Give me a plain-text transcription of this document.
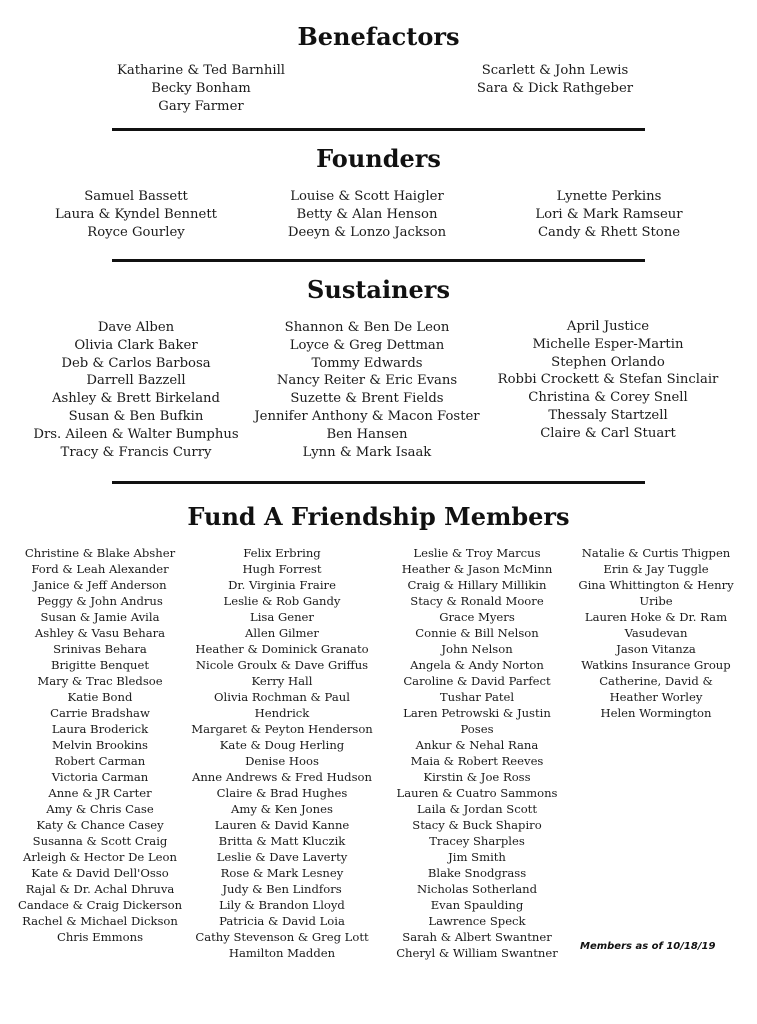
Benefactors
Katharine & Ted Barnhill
Becky Bonham
Gary Farmer
Scarlett & John Lewis
Sara & Dick Rathgeber
Founders
Samuel Bassett
Laura & Kyndel Bennett
Royce Gourley
Louise & Scott Haigler
Betty & Alan Henson
Deeyn & Lonzo Jackson
Lynette Perkins
Lori & Mark Ramseur
Candy & Rhett Stone
Sustainers
Dave Alben
Olivia Clark Baker
Deb & Carlos Barbosa
Darrell Bazzell
Ashley & Brett Birkeland
Susan & Ben Bufkin
Drs. Aileen & Walter Bumphus
Tracy & Francis Curry
Shannon & Ben De Leon
Loyce & Greg Dettman
Tommy Edwards
Nancy Reiter & Eric Evans
Suzette & Brent Fields
Jennifer Anthony & Macon Foster
Ben Hansen
Lynn & Mark Isaak
April Justice
Michelle Esper-Martin
Stephen Orlando
Robbi Crockett & Stefan Sinclair
Christina & Corey Snell
Thessaly Startzell
Claire & Carl Stuart
Fund A Friendship Members
Christine & Blake Absher
Ford & Leah Alexander
Janice & Jeff Anderson
Peggy & John Andrus
Susan & Jamie Avila
Ashley & Vasu Behara
Srinivas Behara
Brigitte Benquet
Mary & Trac Bledsoe
Katie Bond
Carrie Bradshaw
Laura Broderick
Melvin Brookins
Robert Carman
Victoria Carman
Anne & JR Carter
Amy & Chris Case
Katy & Chance Casey
Susanna & Scott Craig
Arleigh & Hector De Leon
Kate & David Dell'Osso
Rajal & Dr. Achal Dhruva
Candace & Craig Dickerson
Rachel & Michael Dickson
Chris Emmons
Felix Erbring
Hugh Forrest
Dr. Virginia Fraire
Leslie & Rob Gandy
Lisa Gener
Allen Gilmer
Heather & Dominick Granato
Nicole Groulx & Dave Griffus
Kerry Hall
Olivia Rochman & Paul Hendrick
Margaret & Peyton Henderson
Kate & Doug Herling
Denise Hoos
Anne Andrews & Fred Hudson
Claire & Brad Hughes
Amy & Ken Jones
Lauren & David Kanne
Britta & Matt Kluczik
Leslie & Dave Laverty
Rose & Mark Lesney
Judy & Ben Lindfors
Lily & Brandon Lloyd
Patricia & David Loia
Cathy Stevenson & Greg Lott
Hamilton Madden
Leslie & Troy Marcus
Heather & Jason McMinn
Craig & Hillary Millikin
Stacy & Ronald Moore
Grace Myers
Connie & Bill Nelson
John Nelson
Angela & Andy Norton
Caroline & David Parfect
Tushar Patel
Laren Petrowski & Justin Poses
Ankur & Nehal Rana
Maia & Robert Reeves
Kirstin & Joe Ross
Lauren & Cuatro Sammons
Laila & Jordan Scott
Stacy & Buck Shapiro
Tracey Sharples
Jim Smith
Blake Snodgrass
Nicholas Sotherland
Evan Spaulding
Lawrence Speck
Sarah & Albert Swantner
Cheryl & William Swantner
Natalie & Curtis Thigpen
Erin & Jay Tuggle
Gina Whittington & Henry Uribe
Lauren Hoke & Dr. Ram Vasudevan
Jason Vitanza
Watkins Insurance Group
Catherine, David & Heather Worley
Helen Wormington
Members as of 10/18/19
